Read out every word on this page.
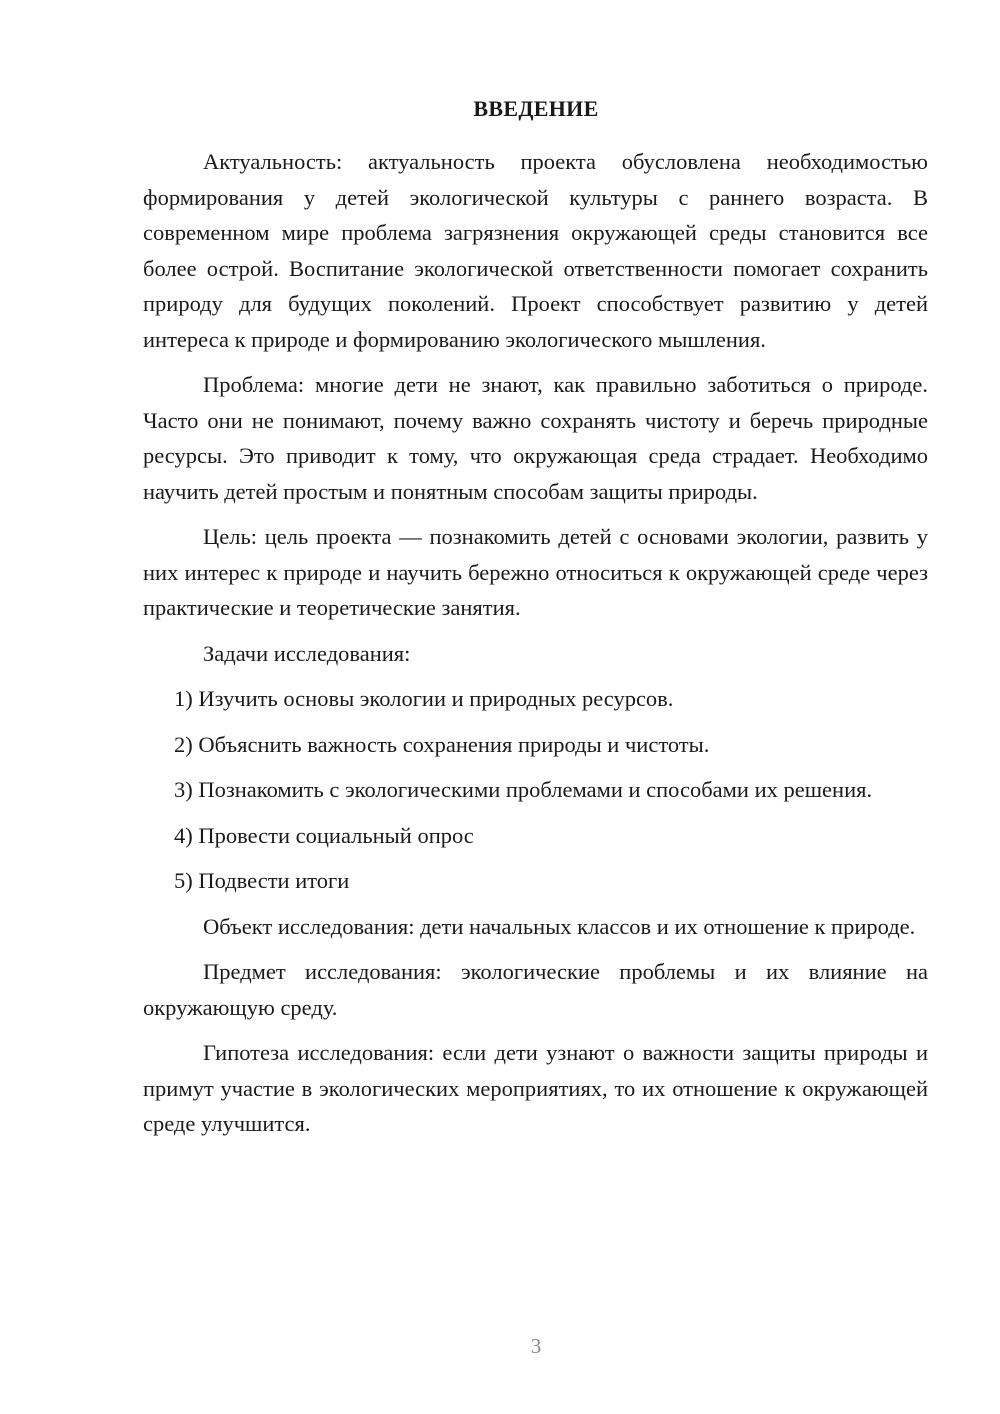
ВВЕДЕНИЕ

Актуальность: актуальность проекта обусловлена необходимостью формирования у детей экологической культуры с раннего возраста. В современном мире проблема загрязнения окружающей среды становится все более острой. Воспитание экологической ответственности помогает сохранить природу для будущих поколений. Проект способствует развитию у детей интереса к природе и формированию экологического мышления.

Проблема: многие дети не знают, как правильно заботиться о природе. Часто они не понимают, почему важно сохранять чистоту и беречь природные ресурсы. Это приводит к тому, что окружающая среда страдает. Необходимо научить детей простым и понятным способам защиты природы.

Цель: цель проекта — познакомить детей с основами экологии, развить у них интерес к природе и научить бережно относиться к окружающей среде через практические и теоретические занятия.

Задачи исследования:

1) Изучить основы экологии и природных ресурсов.

2) Объяснить важность сохранения природы и чистоты.

3) Познакомить с экологическими проблемами и способами их решения.

4) Провести социальный опрос

5) Подвести итоги

Объект исследования: дети начальных классов и их отношение к природе.

Предмет исследования: экологические проблемы и их влияние на окружающую среду.

Гипотеза исследования: если дети узнают о важности защиты природы и примут участие в экологических мероприятиях, то их отношение к окружающей среде улучшится.

3
